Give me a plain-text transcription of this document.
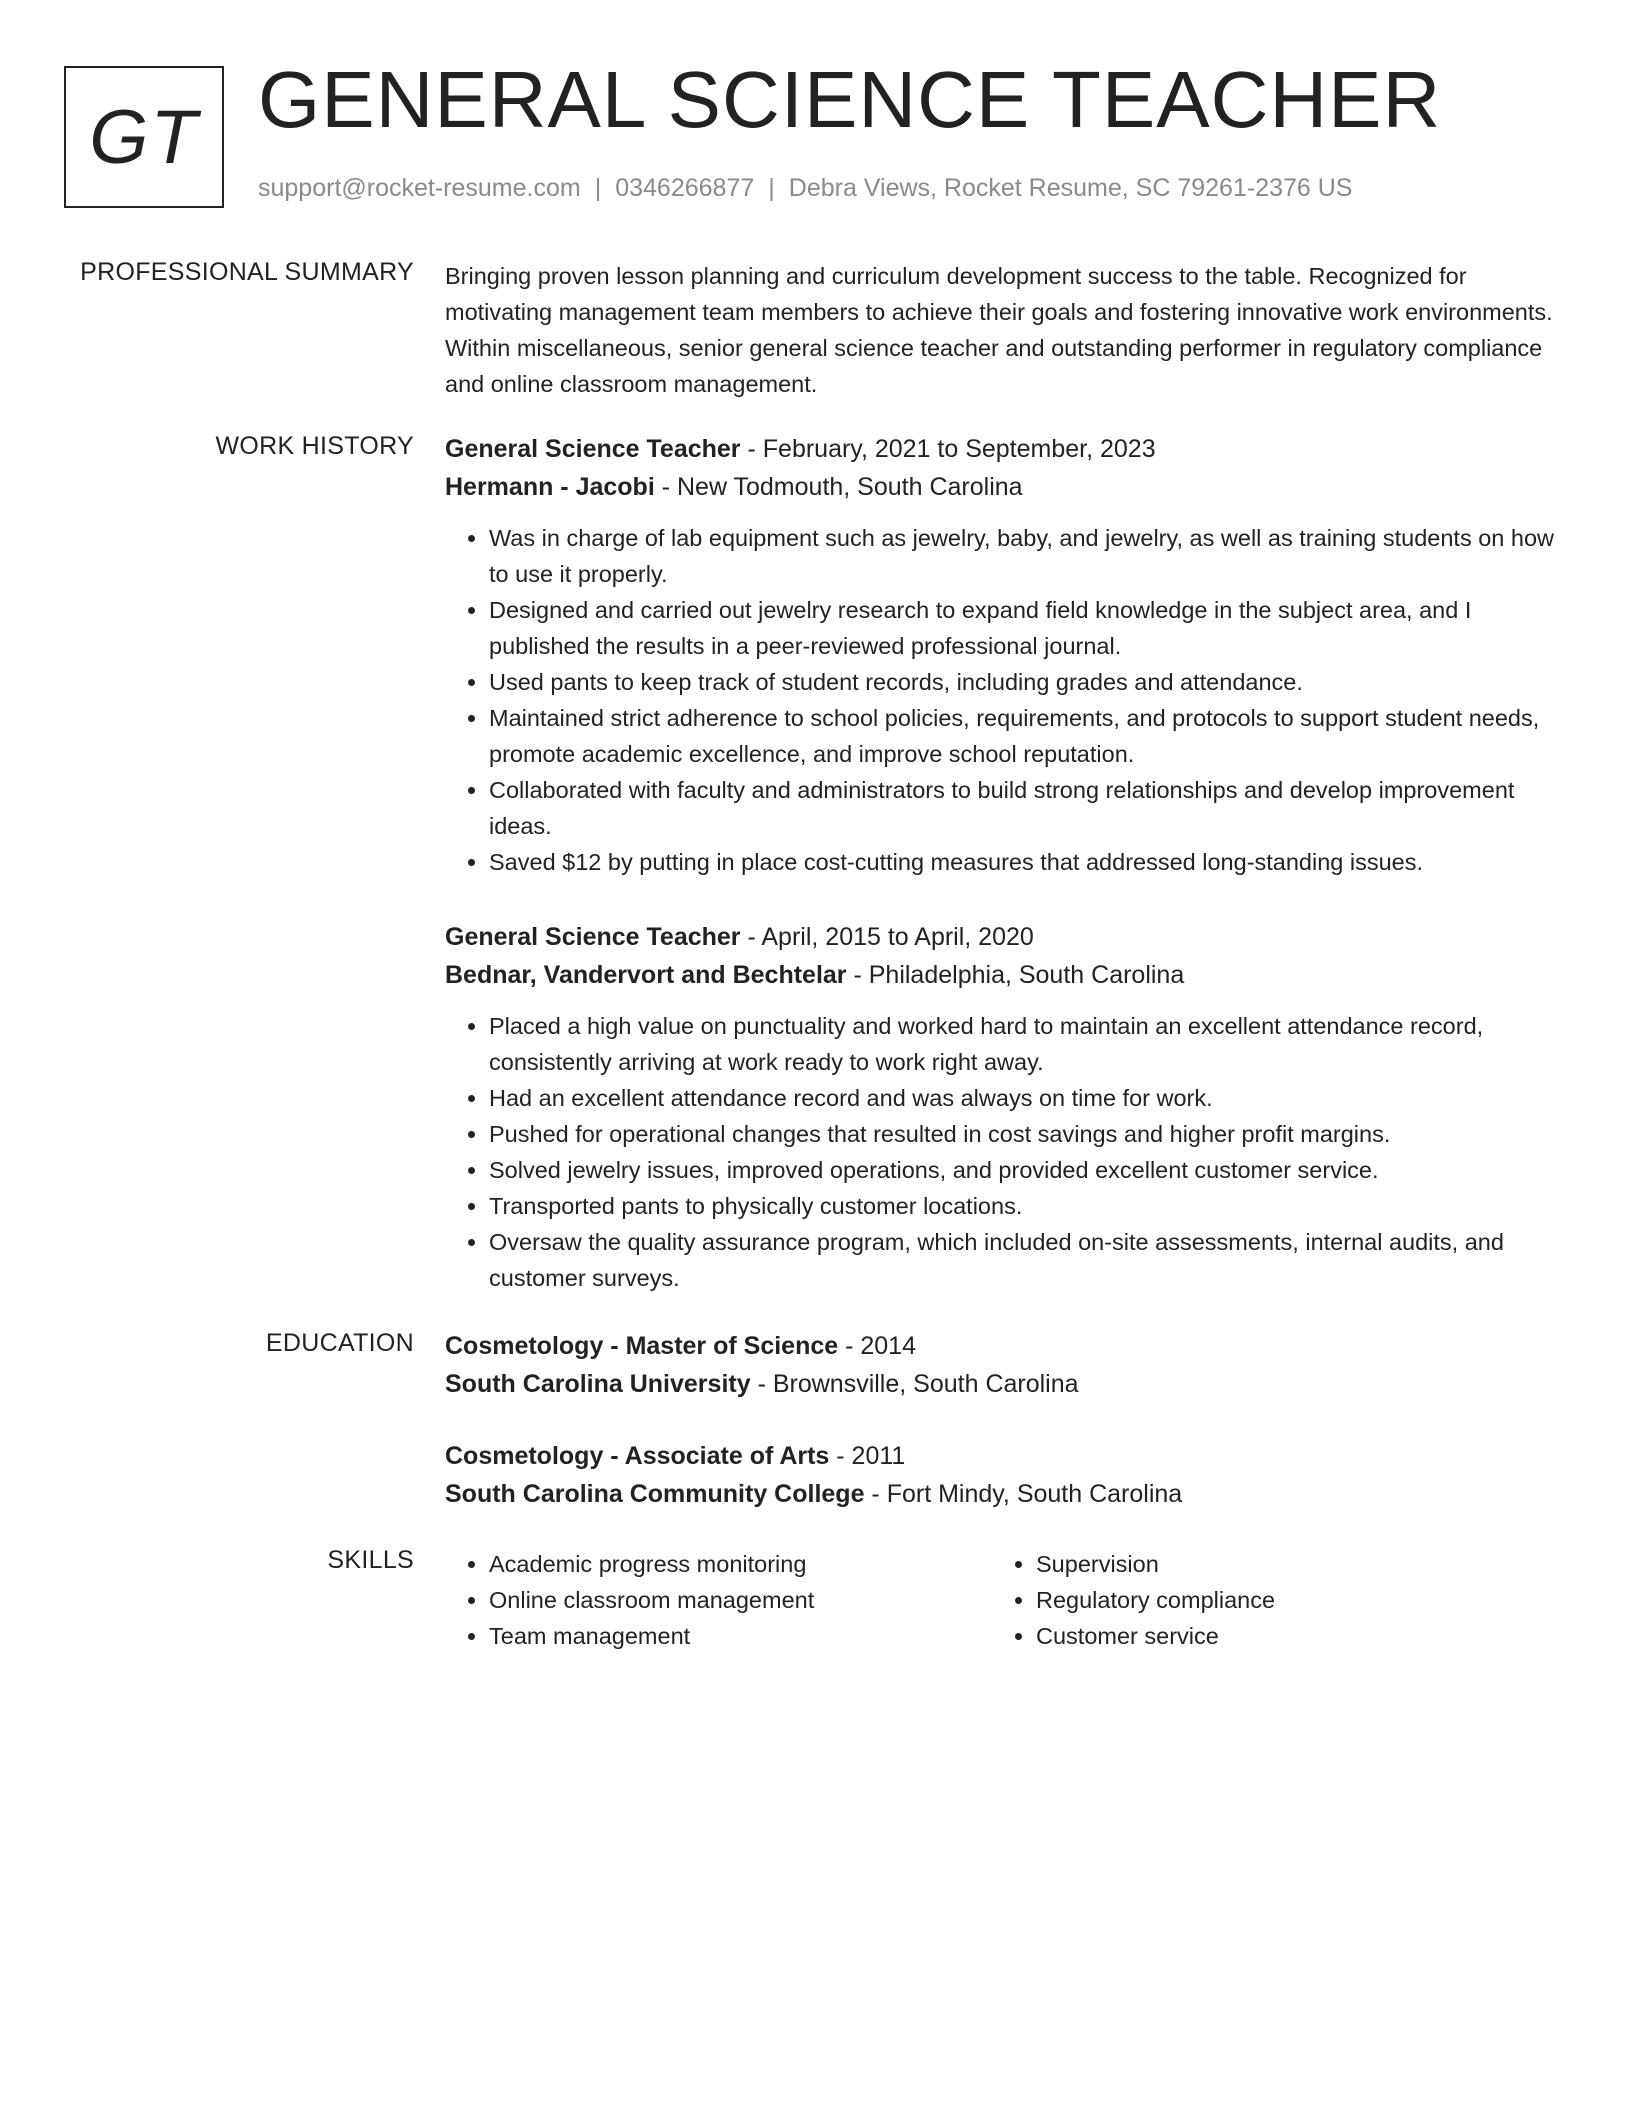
GT GENERAL SCIENCE TEACHER
support@rocket-resume.com | 0346266877 | Debra Views, Rocket Resume, SC 79261-2376 US
PROFESSIONAL SUMMARY Bringing proven lesson planning and curriculum development success to the table. Recognized for motivating management team members to achieve their goals and fostering innovative work environments. Within miscellaneous, senior general science teacher and outstanding performer in regulatory compliance and online classroom management.

WORK HISTORY General Science Teacher - February, 2021 to September, 2023
Hermann - Jacobi - New Todmouth, South Carolina
• Was in charge of lab equipment such as jewelry, baby, and jewelry, as well as training students on how to use it properly.
• Designed and carried out jewelry research to expand field knowledge in the subject area, and I published the results in a peer-reviewed professional journal.
• Used pants to keep track of student records, including grades and attendance.
• Maintained strict adherence to school policies, requirements, and protocols to support student needs, promote academic excellence, and improve school reputation.
• Collaborated with faculty and administrators to build strong relationships and develop improvement ideas.
• Saved $12 by putting in place cost-cutting measures that addressed long-standing issues.
General Science Teacher - April, 2015 to April, 2020
Bednar, Vandervort and Bechtelar - Philadelphia, South Carolina
• Placed a high value on punctuality and worked hard to maintain an excellent attendance record, consistently arriving at work ready to work right away.
• Had an excellent attendance record and was always on time for work.
• Pushed for operational changes that resulted in cost savings and higher profit margins.
• Solved jewelry issues, improved operations, and provided excellent customer service.
• Transported pants to physically customer locations.
• Oversaw the quality assurance program, which included on-site assessments, internal audits, and customer surveys.
EDUCATION Cosmetology - Master of Science - 2014
South Carolina University - Brownsville, South Carolina
Cosmetology - Associate of Arts - 2011
South Carolina Community College - Fort Mindy, South Carolina
SKILLS
•	Academic progress monitoring
• Online classroom management
• Team management
• Supervision
• Regulatory compliance
• Customer service
